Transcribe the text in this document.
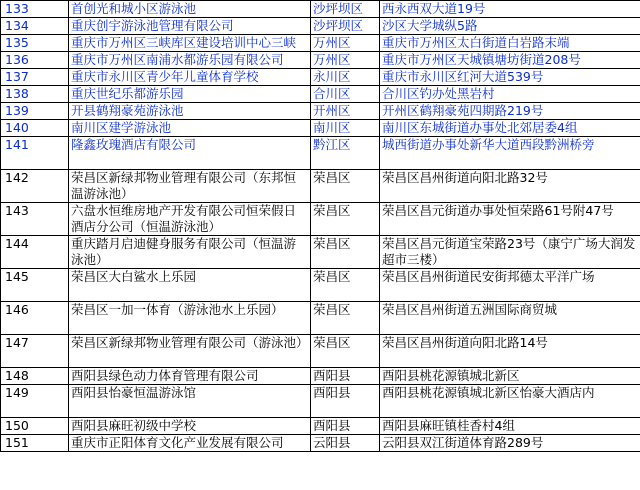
133	首创光和城小区游泳池	沙坪坝区	西永西双大道19号
134	重庆创宇游泳池管理有限公司	沙坪坝区	沙区大学城纵5路
135	重庆市万州区三峡库区建设培训中心三峡	万州区	重庆市万州区太白街道白岩路末端
136	重庆市万州区南浦水都游乐园有限公司	万州区	重庆市万州区天城镇塘坊街道208号
137	重庆市永川区青少年儿童体育学校	永川区	重庆市永川区红河大道539号
138	重庆世纪乐都游乐园	合川区	合川区钓办处黑岩村
139	开县鹤翔豪苑游泳池	开州区	开州区鹤翔豪苑四期路219号
140	南川区建学游泳池	南川区	南川区东城街道办事处北郊居委4组
141	隆鑫玫瑰酒店有限公司	黔江区	城西街道办事处新华大道西段黔洲桥旁
142	荣昌区新绿邦物业管理有限公司（东邦恒温游泳池）	荣昌区	荣昌区昌州街道向阳北路32号
143	六盘水恒维房地产开发有限公司恒荣假日酒店分公司（恒温游泳池）	荣昌区	荣昌区昌元街道办事处恒荣路61号附47号
144	重庆踏月启迪健身服务有限公司（恒温游泳池）	荣昌区	荣昌区昌元街道宝荣路23号（康宁广场大润发超市三楼）
145	荣昌区大白鲨水上乐园	荣昌区	荣昌区昌州街道民安街邦德太平洋广场
146	荣昌区一加一体育（游泳池水上乐园）	荣昌区	荣昌区昌州街道五洲国际商贸城
147	荣昌区新绿邦物业管理有限公司（游泳池）	荣昌区	荣昌区昌州街道向阳北路14号
148	酉阳县绿色动力体育管理有限公司	酉阳县	酉阳县桃花源镇城北新区
149	酉阳县怡豪恒温游泳馆	酉阳县	酉阳县桃花源镇城北新区怡豪大酒店内
150	酉阳县麻旺初级中学校	酉阳县	酉阳县麻旺镇桂香村4组
151	重庆市正阳体育文化产业发展有限公司	云阳县	云阳县双江街道体育路289号
